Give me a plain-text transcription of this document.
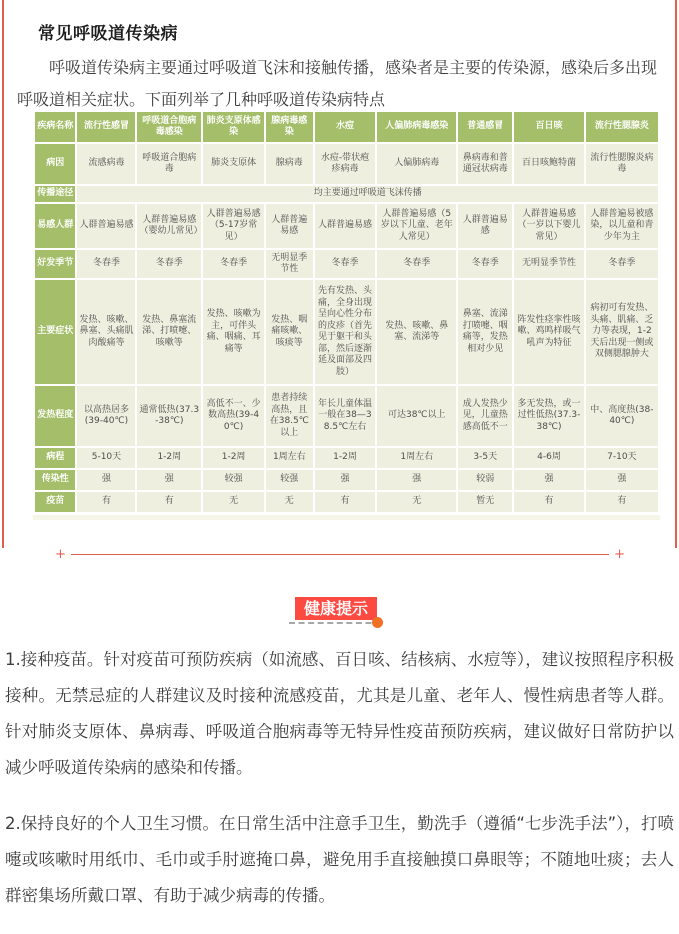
常见呼吸道传染病

呼吸道传染病主要通过呼吸道飞沫和接触传播，感染者是主要的传染源，感染后多出现呼吸道相关症状。下面列举了几种呼吸道传染病特点

疾病名称	流行性感冒	呼吸道合胞病毒感染	肺炎支原体感染	腺病毒感染	水痘	人偏肺病毒感染	普通感冒	百日咳	流行性腮腺炎
病因	流感病毒	呼吸道合胞病毒	肺炎支原体	腺病毒	水痘-带状疱疹病毒	人偏肺病毒	鼻病毒和普通冠状病毒	百日咳鲍特菌	流行性腮腺炎病毒
传播途径	均主要通过呼吸道飞沫传播								
易感人群	人群普遍易感	人群普遍易感（婴幼儿常见）	人群普遍易感（5-17岁常见）	人群普遍易感	人群普遍易感	人群普遍易感（5岁以下儿童、老年人常见）	人群普遍易感	人群普遍易感（一岁以下婴儿常见）	人群普遍易被感染，以儿童和青少年为主
好发季节	冬春季	冬春季	冬春季	无明显季节性	冬春季	冬春季	冬春季	无明显季节性	冬春季
主要症状	发热、咳嗽、鼻塞、头痛肌肉酸痛等	发热、鼻塞流涕、打喷嚏、咳嗽等	发热、咳嗽为主，可伴头痛、咽痛、耳痛等	发热、咽痛咳嗽、咳痰等	先有发热、头痛，全身出现呈向心性分布的皮疹（首先见于躯干和头部，然后逐渐延及面部及四肢）	发热、咳嗽、鼻塞、流涕等	鼻塞、流涕打喷嚏、咽痛等，发热相对少见	阵发性痉挛性咳嗽、鸡鸣样吸气吼声为特征	病初可有发热、头痛、肌痛、乏力等表现，1-2天后出现一侧或双侧腮腺肿大
发热程度	以高热居多(39-40℃)	通常低热(37.3-38℃)	高低不一、少数高热(39-40℃)	患者持续高热，且在38.5℃以上	年长儿童体温一般在38—38.5℃左右	可达38℃以上	成人发热少见，儿童热感高低不一	多无发热，或一过性低热(37.3-38℃)	中、高度热(38-40℃)
病程	5-10天	1-2周	1-2周	1周左右	1-2周	1周左右	3-5天	4-6周	7-10天
传染性	强	强	较强	较强	强	强	较弱	强	强
疫苗	有	有	无	无	有	无	暂无	有	有
+	+
健康提示

1.接种疫苗。针对疫苗可预防疾病（如流感、百日咳、结核病、水痘等），建议按照程序积极接种。无禁忌症的人群建议及时接种流感疫苗，尤其是儿童、老年人、慢性病患者等人群。针对肺炎支原体、鼻病毒、呼吸道合胞病毒等无特异性疫苗预防疾病，建议做好日常防护以减少呼吸道传染病的感染和传播。

2.保持良好的个人卫生习惯。在日常生活中注意手卫生，勤洗手（遵循“七步洗手法”），打喷嚏或咳嗽时用纸巾、毛巾或手肘遮掩口鼻，避免用手直接触摸口鼻眼等；不随地吐痰；去人群密集场所戴口罩、有助于减少病毒的传播。
